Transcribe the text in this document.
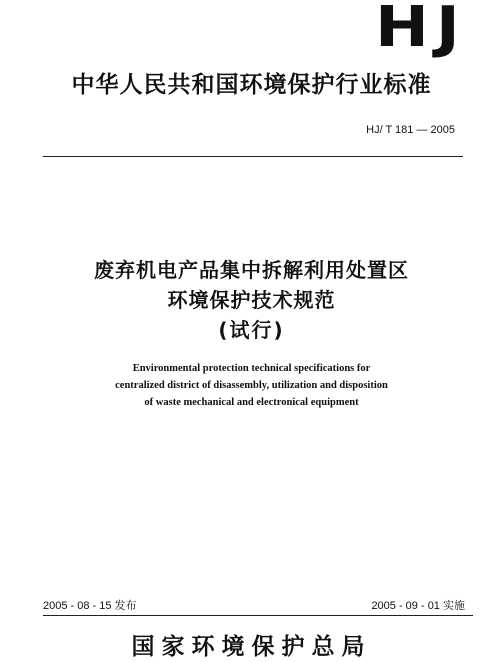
HJ
中华人民共和国环境保护行业标准
HJ/ T 181 — 2005
废弃机电产品集中拆解利用处置区
环境保护技术规范
(试行)
Environmental protection technical specifications for
centralized district of disassembly, utilization and disposition
of waste mechanical and electronical equipment
2005 - 08 - 15 发布	2005 - 09 - 01 实施
国家环境保护总局
